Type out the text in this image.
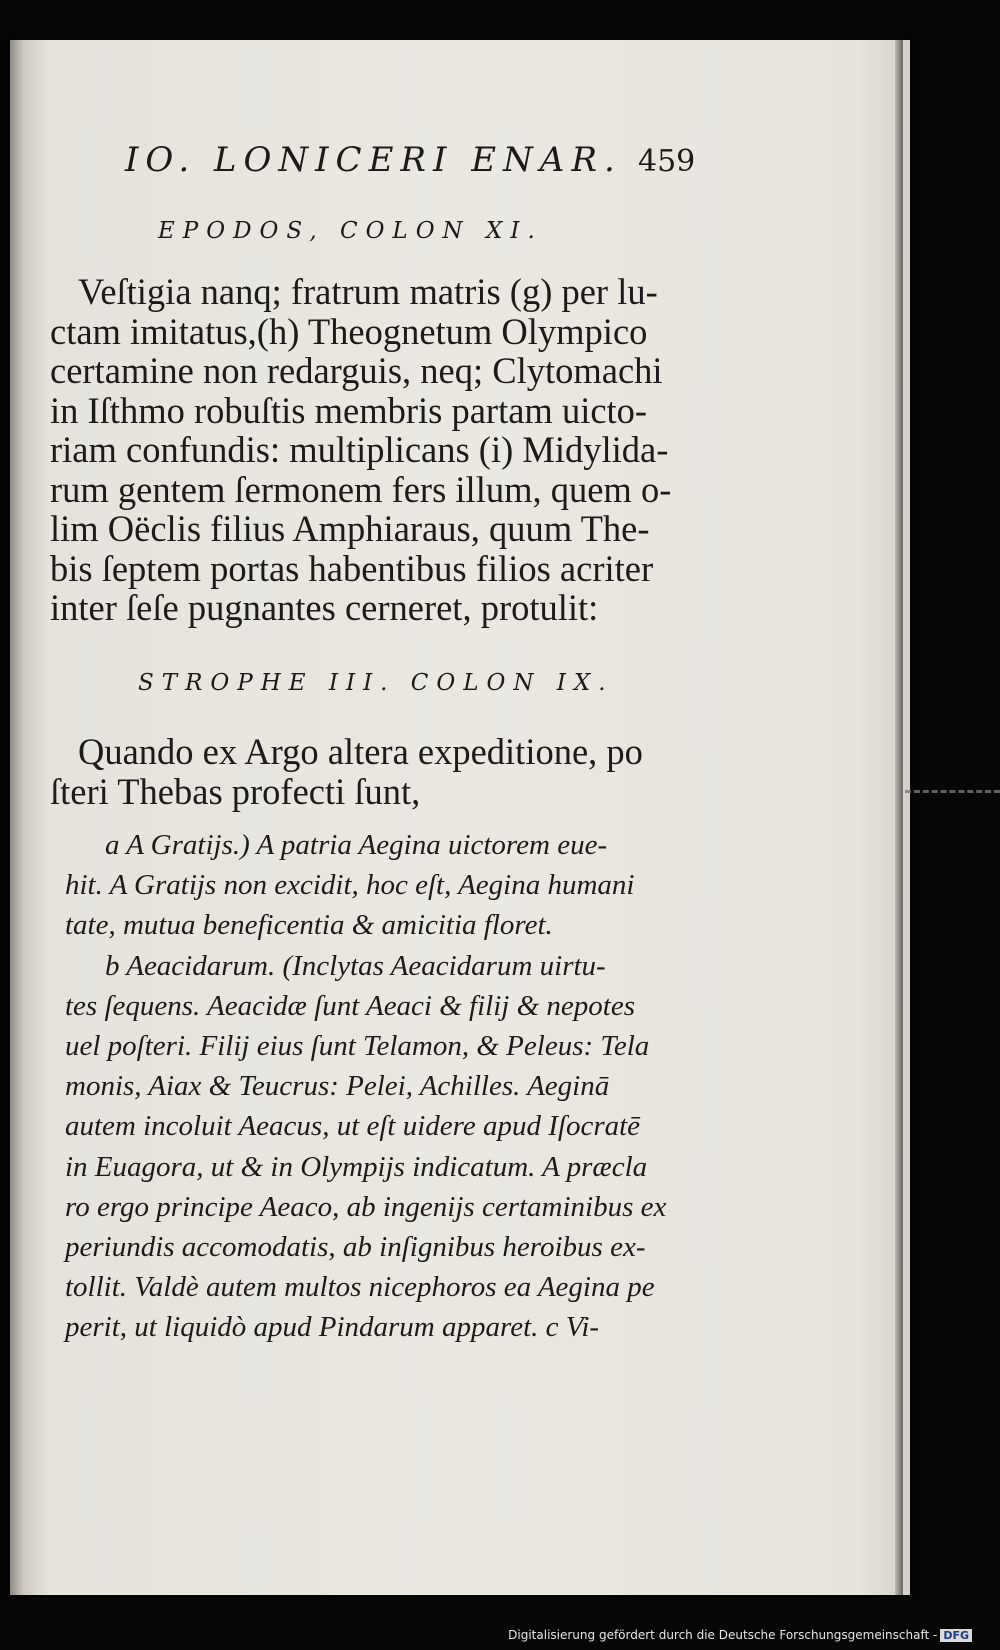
IO. LONICERI ENAR. 459
EPODOS, COLON XI.

Veſtigia nanq; fratrum matris (g) per lu-
ctam imitatus,(h) Theognetum Olympico
certamine non redarguis, neq; Clytomachi
in Iſthmo robuſtis membris partam uicto-
riam confundis: multiplicans (i) Midylida-
rum gentem ſermonem fers illum, quem o-
lim Oëclis filius Amphiaraus, quum The-
bis ſeptem portas habentibus filios acriter
inter ſeſe pugnantes cerneret, protulit:

STROPHE III. COLON IX.

Quando ex Argo altera expeditione, po
ſteri Thebas profecti ſunt,

a A Gratijs.) A patria Aegina uictorem eue-
hit. A Gratijs non excidit, hoc eſt, Aegina humani
tate, mutua beneficentia & amicitia floret.
b Aeacidarum. (Inclytas Aeacidarum uirtu-
tes ſequens. Aeacidæ ſunt Aeaci & filij & nepotes
uel poſteri. Filij eius ſunt Telamon, & Peleus: Tela
monis, Aiax & Teucrus: Pelei, Achilles. Aeginā
autem incoluit Aeacus, ut eſt uidere apud Iſocratē
in Euagora, ut & in Olympijs indicatum. A præcla
ro ergo principe Aeaco, ab ingenijs certaminibus ex
periundis accomodatis, ab inſignibus heroibus ex-
tollit. Valdè autem multos nicephoros ea Aegina pe
perit, ut liquidò apud Pindarum apparet. c Vi-

Digitalisierung gefördert durch die Deutsche Forschungsgemeinschaft - DFG
